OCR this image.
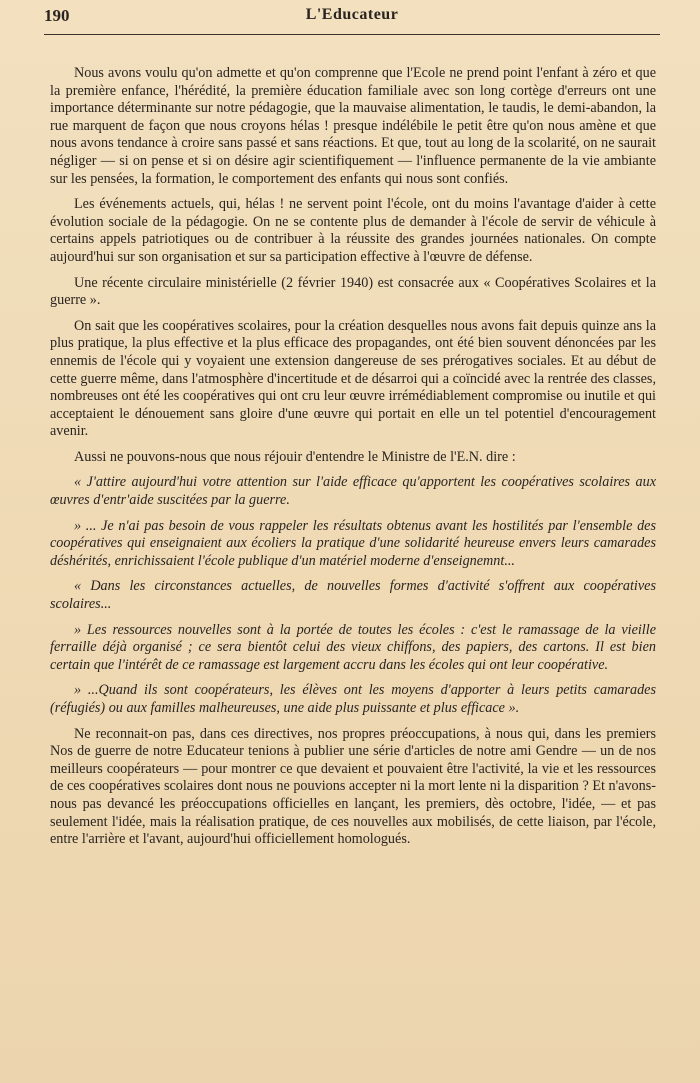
190	L'Educateur

Nous avons voulu qu'on admette et qu'on comprenne que l'Ecole ne prend point l'enfant à zéro et que la première enfance, l'hérédité, la première éducation familiale avec son long cortège d'erreurs ont une importance déterminante sur notre pédagogie, que la mauvaise alimentation, le taudis, le demi-abandon, la rue marquent de façon que nous croyons hélas ! presque indélébile le petit être qu'on nous amène et que nous avons tendance à croire sans passé et sans réactions. Et que, tout au long de la scolarité, on ne saurait négliger — si on pense et si on désire agir scientifiquement — l'influence permanente de la vie ambiante sur les pensées, la formation, le comportement des enfants qui nous sont confiés.

Les événements actuels, qui, hélas ! ne servent point l'école, ont du moins l'avantage d'aider à cette évolution sociale de la pédagogie. On ne se contente plus de demander à l'école de servir de véhicule à certains appels patriotiques ou de contribuer à la réussite des grandes journées nationales. On compte aujourd'hui sur son organisation et sur sa participation effective à l'œuvre de défense.

Une récente circulaire ministérielle (2 février 1940) est consacrée aux « Coopératives Scolaires et la guerre ».

On sait que les coopératives scolaires, pour la création desquelles nous avons fait depuis quinze ans la plus pratique, la plus effective et la plus efficace des propagandes, ont été bien souvent dénoncées par les ennemis de l'école qui y voyaient une extension dangereuse de ses prérogatives sociales. Et au début de cette guerre même, dans l'atmosphère d'incertitude et de désarroi qui a coïncidé avec la rentrée des classes, nombreuses ont été les coopératives qui ont cru leur œuvre irrémédiablement compromise ou inutile et qui acceptaient le dénouement sans gloire d'une œuvre qui portait en elle un tel potentiel d'encouragement avenir.

Aussi ne pouvons-nous que nous réjouir d'entendre le Ministre de l'E.N. dire :

« J'attire aujourd'hui votre attention sur l'aide efficace qu'apportent les coopératives scolaires aux œuvres d'entr'aide suscitées par la guerre.

» ... Je n'ai pas besoin de vous rappeler les résultats obtenus avant les hostilités par l'ensemble des coopératives qui enseignaient aux écoliers la pratique d'une solidarité heureuse envers leurs camarades déshérités, enrichissaient l'école publique d'un matériel moderne d'enseignemnt...

« Dans les circonstances actuelles, de nouvelles formes d'activité s'offrent aux coopératives scolaires...

» Les ressources nouvelles sont à la portée de toutes les écoles : c'est le ramassage de la vieille ferraille déjà organisé ; ce sera bientôt celui des vieux chiffons, des papiers, des cartons. Il est bien certain que l'intérêt de ce ramassage est largement accru dans les écoles qui ont leur coopérative.

» ...Quand ils sont coopérateurs, les élèves ont les moyens d'apporter à leurs petits camarades (réfugiés) ou aux familles malheureuses, une aide plus puissante et plus efficace ».

Ne reconnait-on pas, dans ces directives, nos propres préoccupations, à nous qui, dans les premiers Nos de guerre de notre Educateur tenions à publier une série d'articles de notre ami Gendre — un de nos meilleurs coopérateurs — pour montrer ce que devaient et pouvaient être l'activité, la vie et les ressources de ces coopératives scolaires dont nous ne pouvions accepter ni la mort lente ni la disparition ? Et n'avons-nous pas devancé les préoccupations officielles en lançant, les premiers, dès octobre, l'idée, — et pas seulement l'idée, mais la réalisation pratique, de ces nouvelles aux mobilisés, de cette liaison, par l'école, entre l'arrière et l'avant, aujourd'hui officiellement homologués.
